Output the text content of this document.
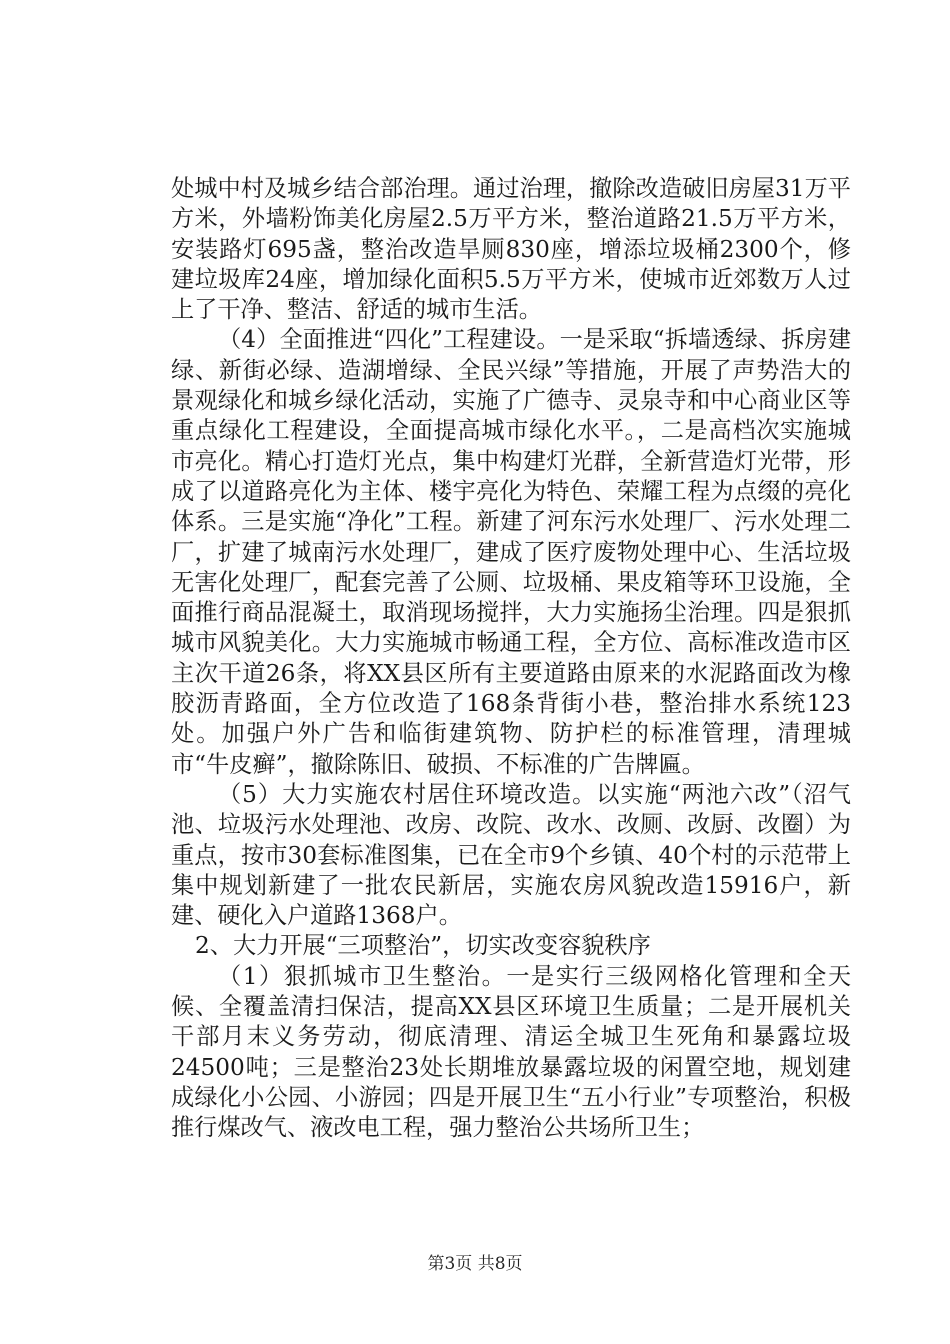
处城中村及城乡结合部治理。通过治理，撤除改造破旧房屋31万平方米，外墙粉饰美化房屋2.5万平方米，整治道路21.5万平方米，安装路灯695盏，整治改造旱厕830座，增添垃圾桶2300个，修建垃圾库24座，增加绿化面积5.5万平方米，使城市近郊数万人过上了干净、整洁、舒适的城市生活。

（4）全面推进“四化”工程建设。一是采取“拆墙透绿、拆房建绿、新街必绿、造湖增绿、全民兴绿”等措施，开展了声势浩大的景观绿化和城乡绿化活动，实施了广德寺、灵泉寺和中心商业区等重点绿化工程建设，全面提高城市绿化水平。，二是高档次实施城市亮化。精心打造灯光点，集中构建灯光群，全新营造灯光带，形成了以道路亮化为主体、楼宇亮化为特色、荣耀工程为点缀的亮化体系。三是实施“净化”工程。新建了河东污水处理厂、污水处理二厂，扩建了城南污水处理厂，建成了医疗废物处理中心、生活垃圾无害化处理厂，配套完善了公厕、垃圾桶、果皮箱等环卫设施，全面推行商品混凝土，取消现场搅拌，大力实施扬尘治理。四是狠抓城市风貌美化。大力实施城市畅通工程，全方位、高标准改造市区主次干道26条，将XX县区所有主要道路由原来的水泥路面改为橡胶沥青路面，全方位改造了168条背街小巷，整治排水系统123处。加强户外广告和临街建筑物、防护栏的标准管理，清理城市“牛皮癣”，撤除陈旧、破损、不标准的广告牌匾。

（5）大力实施农村居住环境改造。以实施“两池六改”（沼气池、垃圾污水处理池、改房、改院、改水、改厕、改厨、改圈）为重点，按市30套标准图集，已在全市9个乡镇、40个村的示范带上集中规划新建了一批农民新居，实施农房风貌改造15916户，新建、硬化入户道路1368户。

2、大力开展“三项整治”，切实改变容貌秩序

（1）狠抓城市卫生整治。一是实行三级网格化管理和全天候、全覆盖清扫保洁，提高XX县区环境卫生质量；二是开展机关干部月末义务劳动，彻底清理、清运全城卫生死角和暴露垃圾24500吨；三是整治23处长期堆放暴露垃圾的闲置空地，规划建成绿化小公园、小游园；四是开展卫生“五小行业”专项整治，积极推行煤改气、液改电工程，强力整治公共场所卫生；

第3页 共8页
